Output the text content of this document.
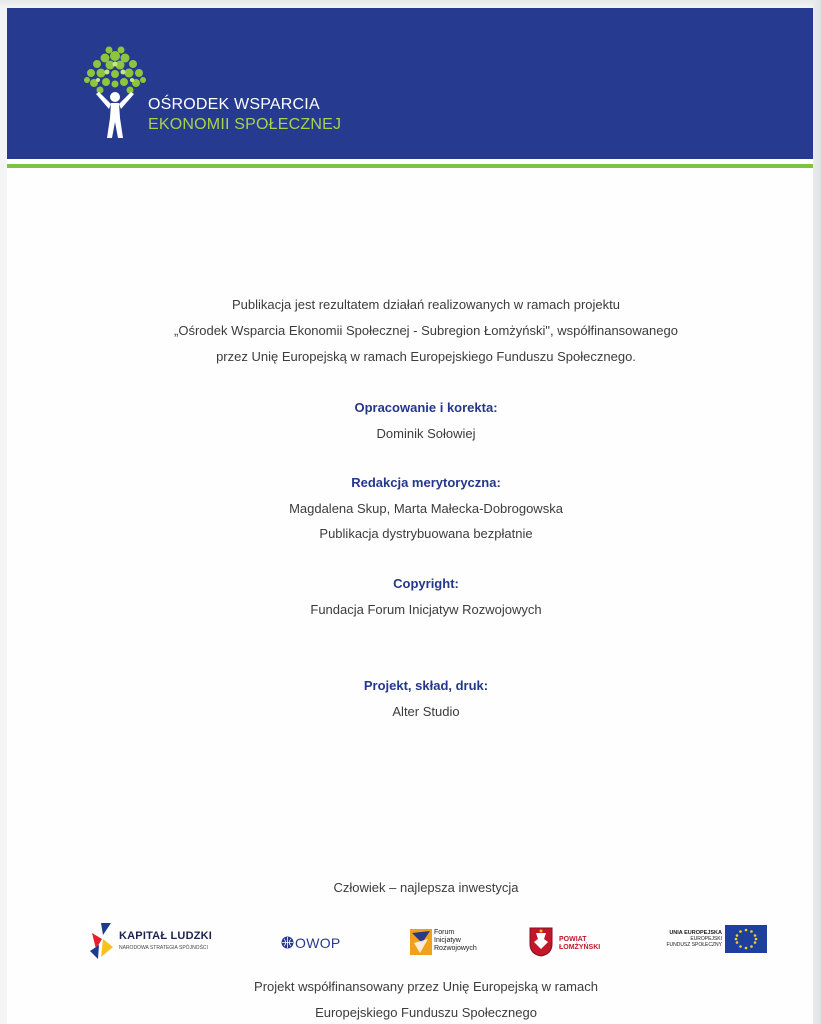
OŚRODEK WSPARCIA
EKONOMII SPOŁECZNEJ
Publikacja jest rezultatem działań realizowanych w ramach projektu
„Ośrodek Wsparcia Ekonomii Społecznej - Subregion Łomżyński", współfinansowanego
przez Unię Europejską w ramach Europejskiego Funduszu Społecznego.
Opracowanie i korekta:
Dominik Sołowiej
Redakcja merytoryczna:
Magdalena Skup, Marta Małecka-Dobrogowska
Publikacja dystrybuowana bezpłatnie
Copyright:
Fundacja Forum Inicjatyw Rozwojowych
Projekt, skład, druk:
Alter Studio
Człowiek – najlepsza inwestycja
Projekt współfinansowany przez Unię Europejską w ramach
Europejskiego Funduszu Społecznego
KAPITAŁ LUDZKI
NARODOWA STRATEGIA SPÓJNOŚCI	OWOP
Forum
Inicjatyw
Rozwojowych
POWIAT
ŁOMŻYŃSKI
UNIA EUROPEJSKA
EUROPEJSKI
FUNDUSZ SPOŁECZNY
